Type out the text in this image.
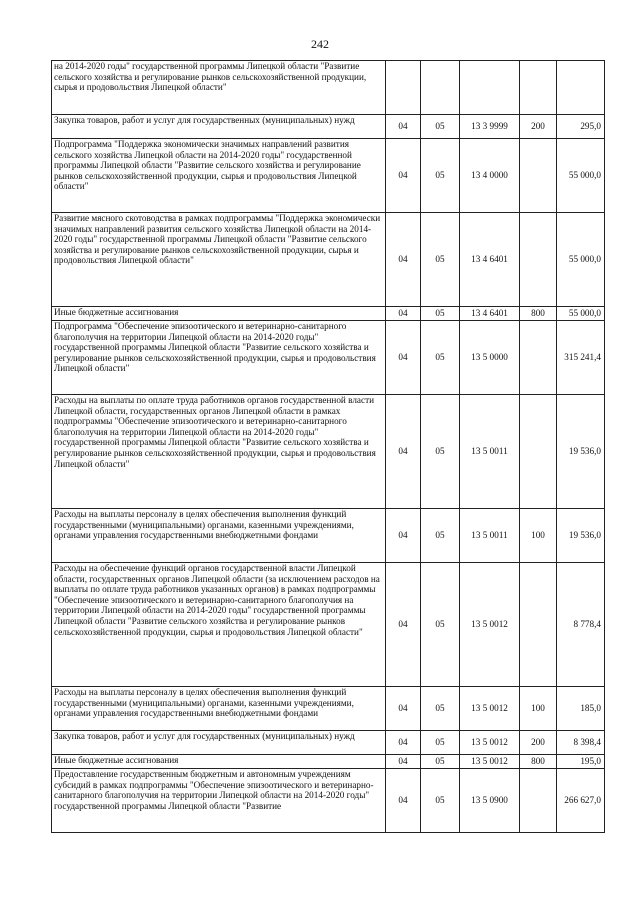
242
на 2014-2020 годы" государственной программы Липецкой области "Развитие сельского хозяйства и регулирование рынков сельскохозяйственной продукции, сырья и продовольствия Липецкой области"					
Закупка товаров, работ и услуг для государственных (муниципальных) нужд	04	05	13 3 9999	200	295,0
Подпрограмма "Поддержка экономически значимых направлений развития сельского хозяйства Липецкой области на 2014-2020 годы" государственной программы Липецкой области "Развитие сельского хозяйства и регулирование рынков сельскохозяйственной продукции, сырья и продовольствия Липецкой области"	04	05	13 4 0000		55 000,0
Развитие мясного скотоводства в рамках подпрограммы "Поддержка экономически значимых направлений развития сельского хозяйства Липецкой области на 2014-2020 годы" государственной программы Липецкой области "Развитие сельского хозяйства и регулирование рынков сельскохозяйственной продукции, сырья и продовольствия Липецкой области"	04	05	13 4 6401		55 000,0
Иные бюджетные ассигнования	04	05	13 4 6401	800	55 000,0
Подпрограмма "Обеспечение эпизоотического и ветеринарно-санитарного благополучия на территории Липецкой области на 2014-2020 годы" государственной программы Липецкой области "Развитие сельского хозяйства и регулирование рынков сельскохозяйственной продукции, сырья и продовольствия Липецкой области"	04	05	13 5 0000		315 241,4
Расходы на выплаты по оплате труда работников органов государственной власти Липецкой области, государственных органов Липецкой области в рамках подпрограммы "Обеспечение эпизоотического и ветеринарно-санитарного благополучия на территории Липецкой области на 2014-2020 годы" государственной программы Липецкой области "Развитие сельского хозяйства и регулирование рынков сельскохозяйственной продукции, сырья и продовольствия Липецкой области"	04	05	13 5 0011		19 536,0
Расходы на выплаты персоналу в целях обеспечения выполнения функций государственными (муниципальными) органами, казенными учреждениями, органами управления государственными внебюджетными фондами	04	05	13 5 0011	100	19 536,0
Расходы на обеспечение функций органов государственной власти Липецкой области, государственных органов Липецкой области (за исключением расходов на выплаты по оплате труда работников указанных органов) в рамках подпрограммы "Обеспечение эпизоотического и ветеринарно-санитарного благополучия на территории Липецкой области на 2014-2020 годы" государственной программы Липецкой области "Развитие сельского хозяйства и регулирование рынков сельскохозяйственной продукции, сырья и продовольствия Липецкой области"	04	05	13 5 0012		8 778,4
Расходы на выплаты персоналу в целях обеспечения выполнения функций государственными (муниципальными) органами, казенными учреждениями, органами управления государственными внебюджетными фондами	04	05	13 5 0012	100	185,0
Закупка товаров, работ и услуг для государственных (муниципальных) нужд	04	05	13 5 0012	200	8 398,4
Иные бюджетные ассигнования	04	05	13 5 0012	800	195,0
Предоставление государственным бюджетным и автономным учреждениям субсидий в рамках подпрограммы "Обеспечение эпизоотического и ветеринарно-санитарного благополучия на территории Липецкой области на 2014-2020 годы" государственной программы Липецкой области "Развитие	04	05	13 5 0900		266 627,0
